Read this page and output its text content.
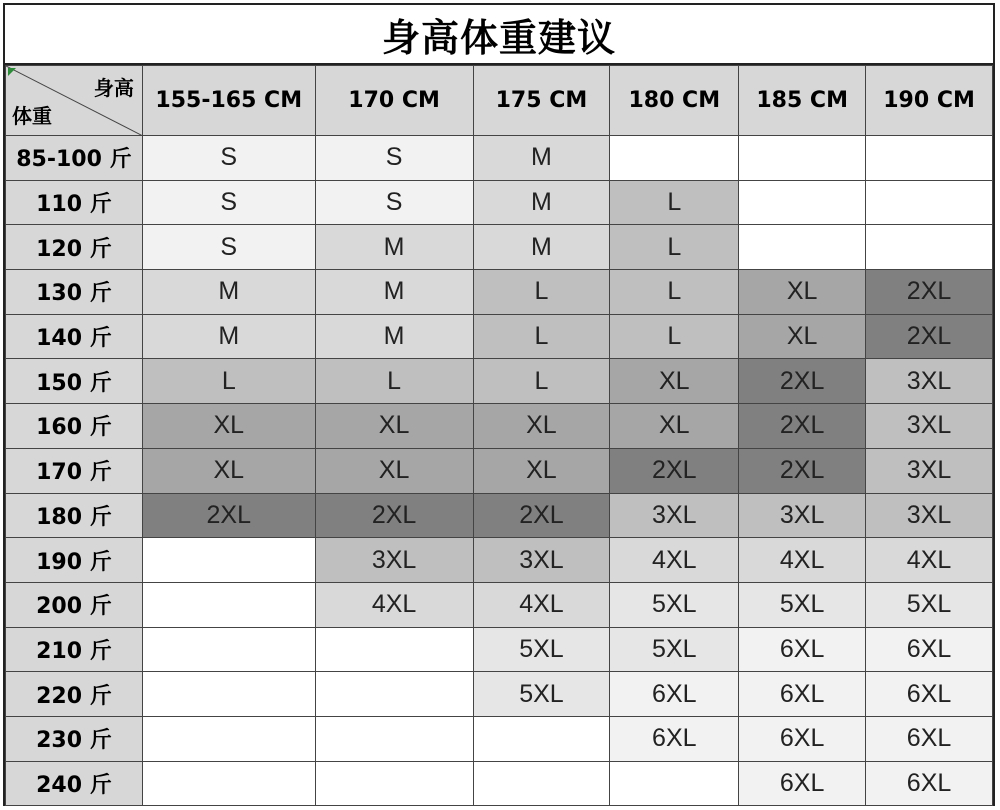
身高体重建议
身高
体重	155-165 CM	170 CM	175 CM	180 CM	185 CM	190 CM
85-100 斤	S	S	M			
110 斤	S	S	M	L		
120 斤	S	M	M	L		
130 斤	M	M	L	L	XL	2XL
140 斤	M	M	L	L	XL	2XL
150 斤	L	L	L	XL	2XL	3XL
160 斤	XL	XL	XL	XL	2XL	3XL
170 斤	XL	XL	XL	2XL	2XL	3XL
180 斤	2XL	2XL	2XL	3XL	3XL	3XL
190 斤		3XL	3XL	4XL	4XL	4XL
200 斤		4XL	4XL	5XL	5XL	5XL
210 斤			5XL	5XL	6XL	6XL
220 斤			5XL	6XL	6XL	6XL
230 斤				6XL	6XL	6XL
240 斤					6XL	6XL
